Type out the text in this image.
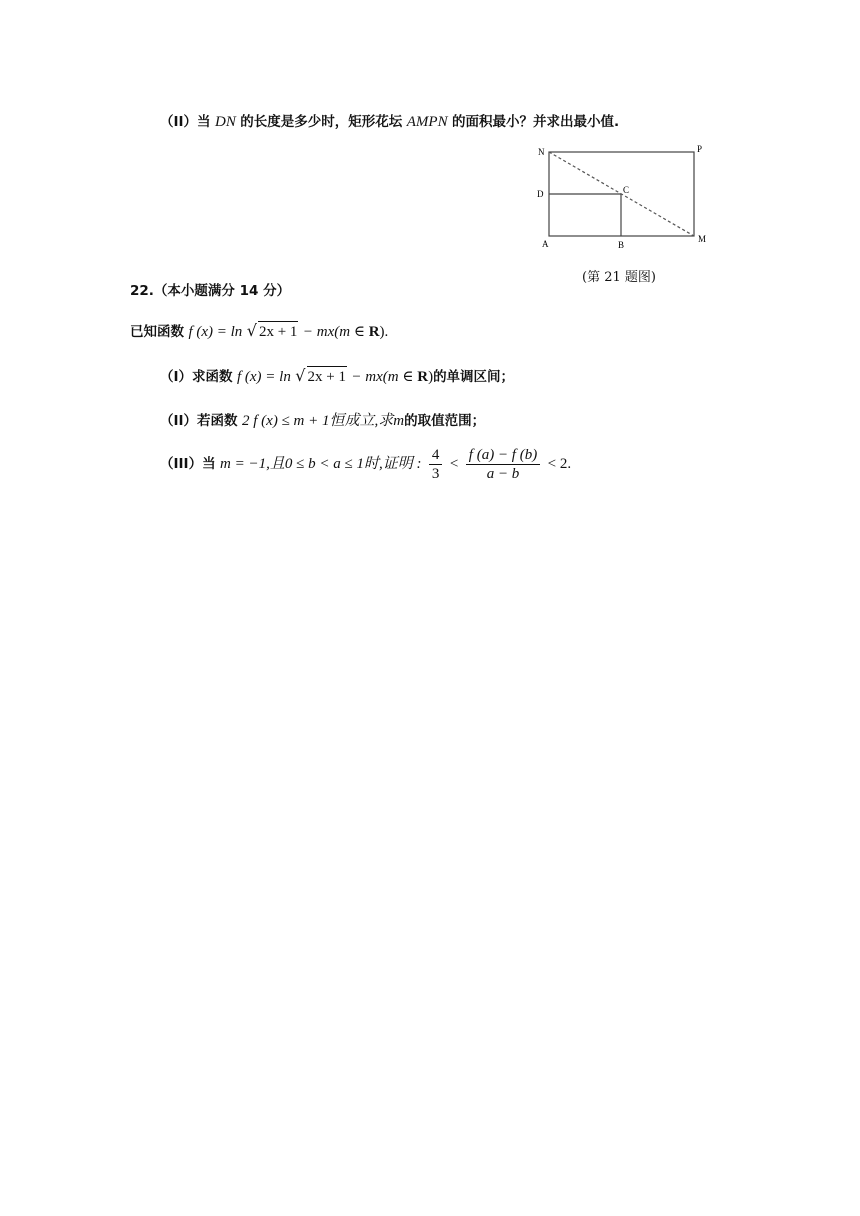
（II）当 DN 的长度是多少时，矩形花坛 AMPN 的面积最小？并求出最小值.
N	P
D	C
A	B
M
(第 21 题图)
22.（本小题满分 14 分）
已知函数 f (x) = ln √ 2x + 1 − mx(m ∈ R).
（I）求函数 f (x) = ln √ 2x + 1 − mx(m ∈ R)的单调区间；
（II）若函数 2 f (x) ≤ m + 1恒成立,求m的取值范围；
（III）当 m = −1,且0 ≤ b < a ≤ 1时,证明 : $\frac{4}{3} < \frac{f (a) - f (b)}{a - b} < 2$.
